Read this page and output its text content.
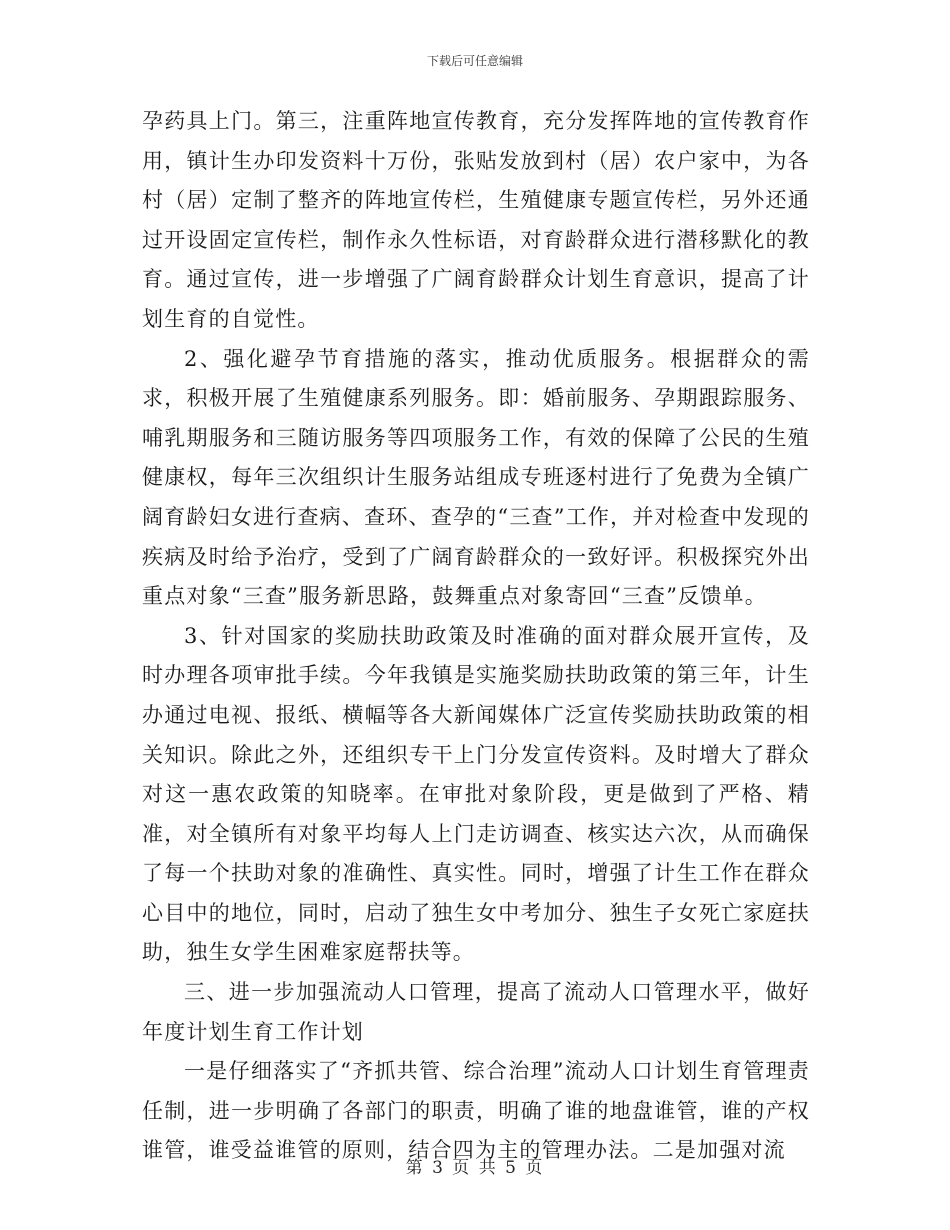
下载后可任意编辑

孕药具上门。第三，注重阵地宣传教育，充分发挥阵地的宣传教育作用，镇计生办印发资料十万份，张贴发放到村（居）农户家中，为各村（居）定制了整齐的阵地宣传栏，生殖健康专题宣传栏，另外还通过开设固定宣传栏，制作永久性标语，对育龄群众进行潜移默化的教育。通过宣传，进一步增强了广阔育龄群众计划生育意识，提高了计划生育的自觉性。

2、强化避孕节育措施的落实，推动优质服务。根据群众的需求，积极开展了生殖健康系列服务。即：婚前服务、孕期跟踪服务、哺乳期服务和三随访服务等四项服务工作，有效的保障了公民的生殖健康权，每年三次组织计生服务站组成专班逐村进行了免费为全镇广阔育龄妇女进行查病、查环、查孕的“三查”工作，并对检查中发现的疾病及时给予治疗，受到了广阔育龄群众的一致好评。积极探究外出重点对象“三查”服务新思路，鼓舞重点对象寄回“三查”反馈单。

3、针对国家的奖励扶助政策及时准确的面对群众展开宣传，及时办理各项审批手续。今年我镇是实施奖励扶助政策的第三年，计生办通过电视、报纸、横幅等各大新闻媒体广泛宣传奖励扶助政策的相关知识。除此之外，还组织专干上门分发宣传资料。及时增大了群众对这一惠农政策的知晓率。在审批对象阶段，更是做到了严格、精准，对全镇所有对象平均每人上门走访调查、核实达六次，从而确保了每一个扶助对象的准确性、真实性。同时，增强了计生工作在群众心目中的地位，同时，启动了独生女中考加分、独生子女死亡家庭扶助，独生女学生困难家庭帮扶等。

三、进一步加强流动人口管理，提高了流动人口管理水平，做好年度计划生育工作计划

一是仔细落实了“齐抓共管、综合治理”流动人口计划生育管理责任制，进一步明确了各部门的职责，明确了谁的地盘谁管，谁的产权谁管，谁受益谁管的原则，结合四为主的管理办法。二是加强对流

第 3 页 共 5 页
